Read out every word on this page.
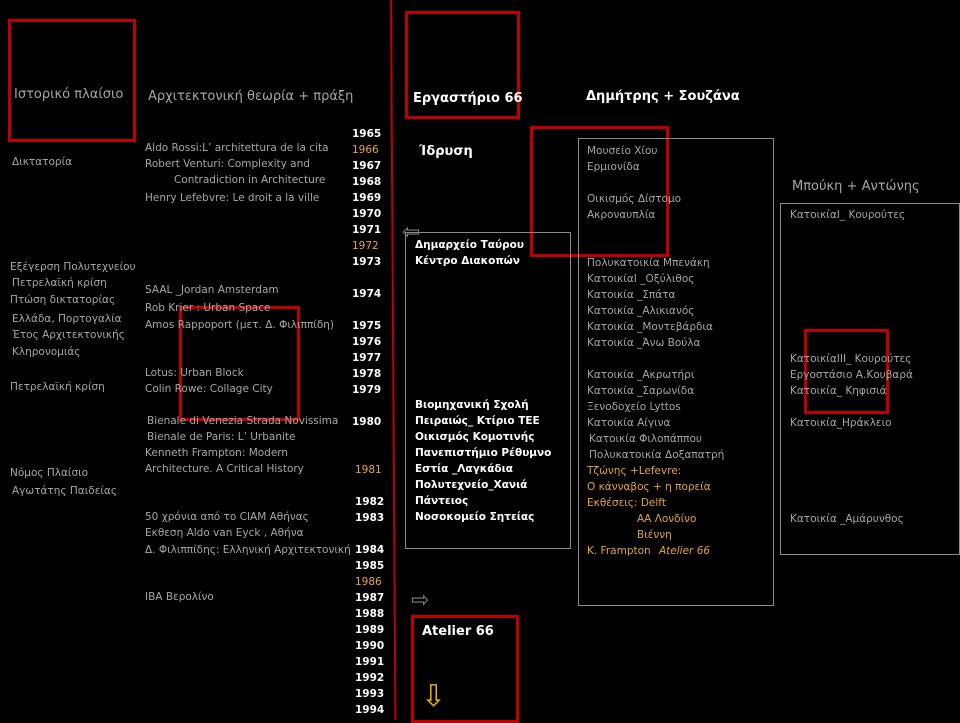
Ιστορικό πλαίσιο Αρχιτεκτονική θεωρία + πράξη	Εργαστήριο 66	Δημήτρης + Σουζάνα
Μπούκη + Αντώνης
Ίδρυση
Atelier 66
Δικτατορία
Εξέγερση Πολυτεχνείου
Πετρελαϊκή κρίση
Πτώση δικτατορίας
Ελλάδα, Πορτογαλία
Έτος Αρχιτεκτονικής
Κληρονομιάς
Πετρελαϊκή κρίση
Νόμος Πλαίσιο
Αγωτάτης Παιδείας
Aldo Rossi:L’ architettura de la cita
Robert Venturi: Complexity and
Contradiction in Architecture
Henry Lefebvre: Le droit a la ville
SAAL _Jordan Amsterdam
Rob Krier : Urban Space
Amos Rappoport (μετ. Δ. Φιλιππίδη)
Lotus: Urban Block
Colin Rowe: Collage City
Bienale di Venezia Strada Novissima
Bienale de Paris: L’ Urbanite
Kenneth Frampton: Modern
Architecture. A Critical History
50 χρόνια από το CIAM Αθήνας
Εκθεση Aldo van Eyck , Αθήνα
Δ. Φιλιππίδης: Ελληνική Αρχιτεκτονική
IBA Βερολίνο
1965
1966
1967
1968
1969
1970
1971
1972
1973
1974
1975
1976
1977
1978
1979
1980
1981
1982
1983
1984
1985
1986
1987
1988
1989
1990
1991
1992
1993
1994
⇦
⇨
⇩
Δημαρχείο Ταύρου
Κέντρο Διακοπών
Βιομηχανική Σχολή
Πειραιώς_ Κτίριο ΤΕΕ
Οικισμός Κομοτινής
Πανεπιστήμιο Ρέθυμνο
Εστία _Λαγκάδια
Πολυτεχνείο_Χανιά
Πάντειος
Νοσοκομείο Σητείας
Μουσείο Χίου
Ερμιονίδα
Οικισμός Δίστομο
Ακροναυπλία
Πολυκατοικία Μπενάκη
ΚατοικίαΙ _Οξύλιθος
Κατοικία _Σπάτα
Κατοικία _Αλικιανός
Κατοικία _Μοντεβάρδια
Κατοικία _Άνω Βούλα
Κατοικία _Ακρωτήρι
Κατοικία _Σαρωνίδα
Ξενοδοχείο Lyttos
Κατοικία Αίγινα
Κατοικία Φιλοπάππου
Πολυκατοικία Δοξαπατρή
Τζώνης +Lefevre:
Ο κάνναβος + η πορεία
Εκθέσεις: Delft
ΑΑ Λονδίνο
Βιέννη
K. Frampton Atelier 66
ΚατοικίαΙ_ Κουρούτες
ΚατοικίαΙΙΙ_ Κουρούτες
Εργοστάσιο Α.Κουβαρά
Κατοικία_ Κηφισιά
Κατοικία_Ηράκλειο
Κατοικία _Αμάρυνθος
